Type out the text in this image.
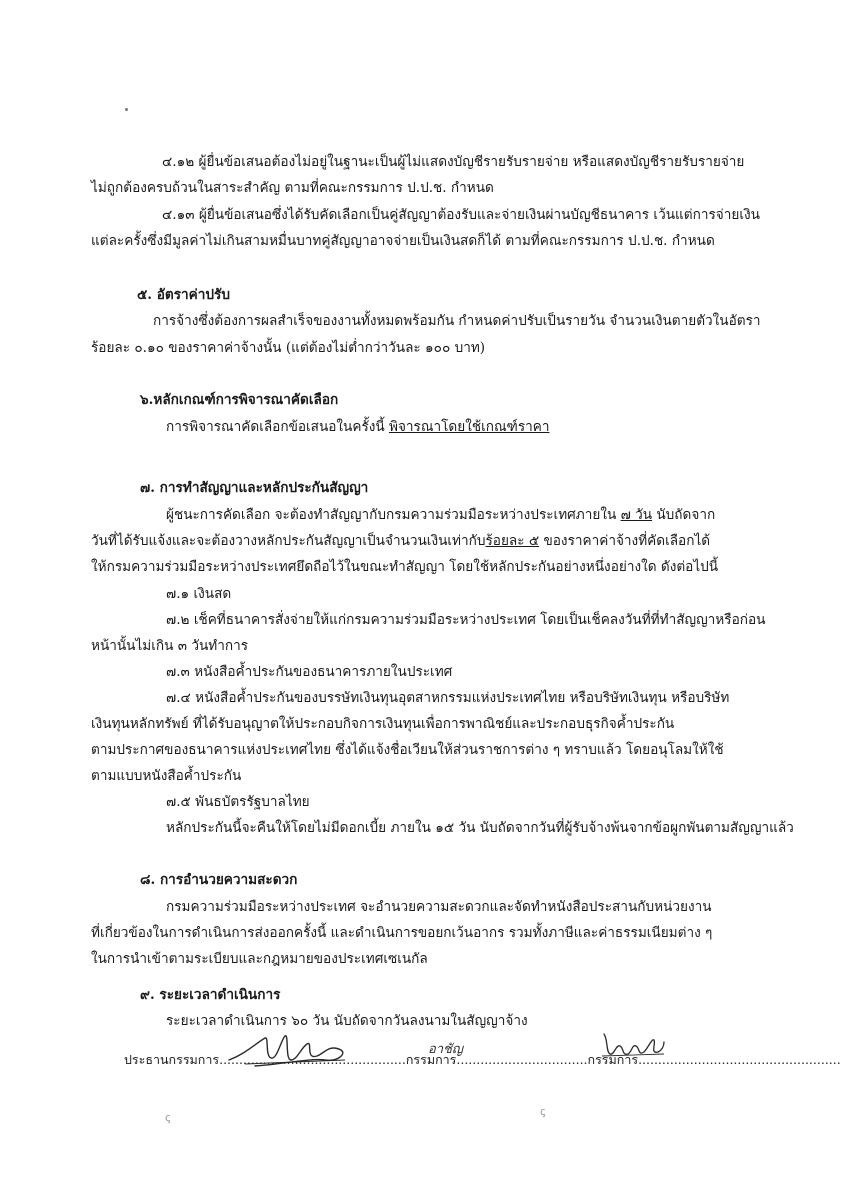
๔.๑๒ ผู้ยื่นข้อเสนอต้องไม่อยู่ในฐานะเป็นผู้ไม่แสดงบัญชีรายรับรายจ่าย หรือแสดงบัญชีรายรับรายจ่าย
ไม่ถูกต้องครบถ้วนในสาระสำคัญ ตามที่คณะกรรมการ ป.ป.ช. กำหนด
๔.๑๓ ผู้ยื่นข้อเสนอซึ่งได้รับคัดเลือกเป็นคู่สัญญาต้องรับและจ่ายเงินผ่านบัญชีธนาคาร เว้นแต่การจ่ายเงิน
แต่ละครั้งซึ่งมีมูลค่าไม่เกินสามหมื่นบาทคู่สัญญาอาจจ่ายเป็นเงินสดก็ได้ ตามที่คณะกรรมการ ป.ป.ช. กำหนด
๕. อัตราค่าปรับ
การจ้างซึ่งต้องการผลสำเร็จของงานทั้งหมดพร้อมกัน กำหนดค่าปรับเป็นรายวัน จำนวนเงินตายตัวในอัตรา
ร้อยละ ๐.๑๐ ของราคาค่าจ้างนั้น (แต่ต้องไม่ต่ำกว่าวันละ ๑๐๐ บาท)
๖.หลักเกณฑ์การพิจารณาคัดเลือก
การพิจารณาคัดเลือกข้อเสนอในครั้งนี้ พิจารณาโดยใช้เกณฑ์ราคา
๗. การทำสัญญาและหลักประกันสัญญา
ผู้ชนะการคัดเลือก จะต้องทำสัญญากับกรมความร่วมมือระหว่างประเทศภายใน ๗ วัน นับถัดจาก
วันที่ได้รับแจ้งและจะต้องวางหลักประกันสัญญาเป็นจำนวนเงินเท่ากับร้อยละ ๕ ของราคาค่าจ้างที่คัดเลือกได้
ให้กรมความร่วมมือระหว่างประเทศยึดถือไว้ในขณะทำสัญญา โดยใช้หลักประกันอย่างหนึ่งอย่างใด ดังต่อไปนี้
๗.๑ เงินสด
๗.๒ เช็คที่ธนาคารสั่งจ่ายให้แก่กรมความร่วมมือระหว่างประเทศ โดยเป็นเช็คลงวันที่ที่ทำสัญญาหรือก่อน
หน้านั้นไม่เกิน ๓ วันทำการ
๗.๓ หนังสือค้ำประกันของธนาคารภายในประเทศ
๗.๔ หนังสือค้ำประกันของบรรษัทเงินทุนอุตสาหกรรมแห่งประเทศไทย หรือบริษัทเงินทุน หรือบริษัท
เงินทุนหลักทรัพย์ ที่ได้รับอนุญาตให้ประกอบกิจการเงินทุนเพื่อการพาณิชย์และประกอบธุรกิจค้ำประกัน
ตามประกาศของธนาคารแห่งประเทศไทย ซึ่งได้แจ้งชื่อเวียนให้ส่วนราชการต่าง ๆ ทราบแล้ว โดยอนุโลมให้ใช้
ตามแบบหนังสือค้ำประกัน
๗.๕ พันธบัตรรัฐบาลไทย
หลักประกันนี้จะคืนให้โดยไม่มีดอกเบี้ย ภายใน ๑๕ วัน นับถัดจากวันที่ผู้รับจ้างพ้นจากข้อผูกพันตามสัญญาแล้ว
๘. การอำนวยความสะดวก
กรมความร่วมมือระหว่างประเทศ จะอำนวยความสะดวกและจัดทำหนังสือประสานกับหน่วยงาน
ที่เกี่ยวข้องในการดำเนินการส่งออกครั้งนี้ และดำเนินการขอยกเว้นอากร รวมทั้งภาษีและค่าธรรมเนียมต่าง ๆ
ในการนำเข้าตามระเบียบและกฎหมายของประเทศเซเนกัล
๙. ระยะเวลาดำเนินการ
ระยะเวลาดำเนินการ ๖๐ วัน นับถัดจากวันลงนามในสัญญาจ้าง
ประธานกรรมการ...............................................กรรมการ.................................กรรมการ...................................................
อาชัญ
ꞔ	ꞔ
